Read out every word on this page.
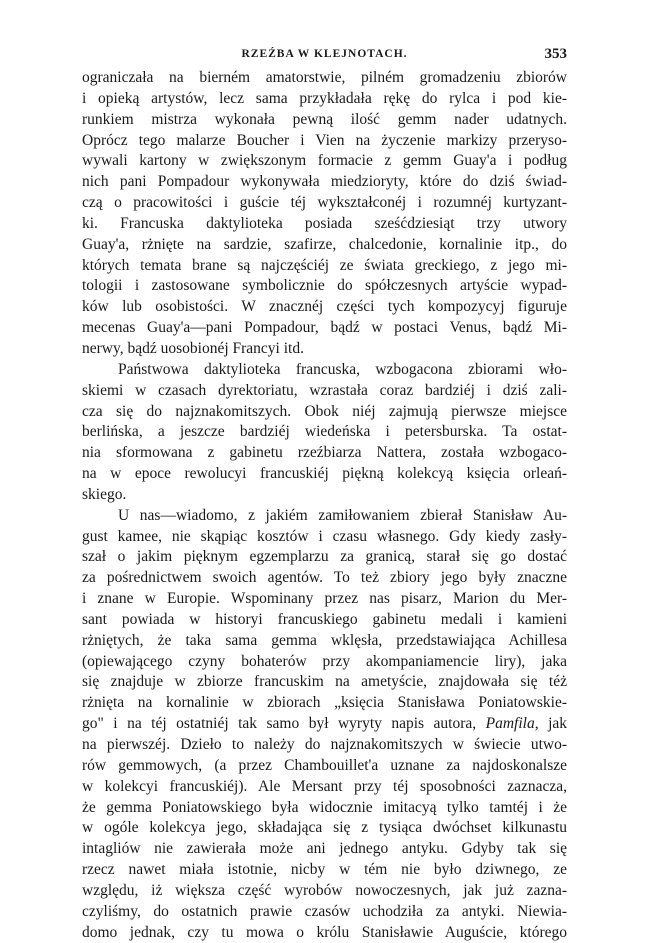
RZEŹBA W KLEJNOTACH.	353
ograniczała na bierném amatorstwie, pilném gromadzeniu zbiorów
i opieką artystów, lecz sama przykładała rękę do rylca i pod kie-
runkiem mistrza wykonała pewną ilość gemm nader udatnych.
Oprócz tego malarze Boucher i Vien na życzenie markizy przeryso-
wywali kartony w zwiększonym formacie z gemm Guay'a i podług
nich pani Pompadour wykonywała miedzioryty, które do dziś świad-
czą o pracowitości i guście téj wykształconéj i rozumnéj kurtyzant-
ki. Francuska daktylioteka posiada sześćdziesiąt trzy utwory
Guay'a, rżnięte na sardzie, szafirze, chalcedonie, kornalinie itp., do
których temata brane są najczęściéj ze świata greckiego, z jego mi-
tologii i zastosowane symbolicznie do spółczesnych artyście wypad-
ków lub osobistości. W znacznéj części tych kompozycyj figuruje
mecenas Guay'a—pani Pompadour, bądź w postaci Venus, bądź Mi-
nerwy, bądź uosobionéj Francyi itd.
Państwowa daktylioteka francuska, wzbogacona zbiorami wło-
skiemi w czasach dyrektoriatu, wzrastała coraz bardziéj i dziś zali-
cza się do najznakomitszych. Obok niéj zajmują pierwsze miejsce
berlińska, a jeszcze bardziéj wiedeńska i petersburska. Ta ostat-
nia sformowana z gabinetu rzeźbiarza Nattera, została wzbogaco-
na w epoce rewolucyi francuskiéj piękną kolekcyą księcia orleań-
skiego.
U nas—wiadomo, z jakiém zamiłowaniem zbierał Stanisław Au-
gust kamee, nie skąpiąc kosztów i czasu własnego. Gdy kiedy zasły-
szał o jakim pięknym egzemplarzu za granicą, starał się go dostać
za pośrednictwem swoich agentów. To też zbiory jego były znaczne
i znane w Europie. Wspominany przez nas pisarz, Marion du Mer-
sant powiada w historyi francuskiego gabinetu medali i kamieni
rżniętych, że taka sama gemma wklęsła, przedstawiająca Achillesa
(opiewającego czyny bohaterów przy akompaniamencie liry), jaka
się znajduje w zbiorze francuskim na ametyście, znajdowała się téż
rżnięta na kornalinie w zbiorach „księcia Stanisława Poniatowskie-
go" i na téj ostatniéj tak samo był wyryty napis autora, Pamfila, jak
na pierwszéj. Dzieło to należy do najznakomitszych w świecie utwo-
rów gemmowych, (a przez Chambouillet'a uznane za najdoskonalsze
w kolekcyi francuskiéj). Ale Mersant przy téj sposobności zaznacza,
że gemma Poniatowskiego była widocznie imitacyą tylko tamtéj i że
w ogóle kolekcya jego, składająca się z tysiąca dwóchset kilkunastu
intagliów nie zawierała może ani jednego antyku. Gdyby tak się
rzecz nawet miała istotnie, nicby w tém nie było dziwnego, ze
względu, iż większa część wyrobów nowoczesnych, jak już zazna-
czyliśmy, do ostatnich prawie czasów uchodziła za antyki. Niewia-
domo jednak, czy tu mowa o królu Stanisławie Auguście, którego
